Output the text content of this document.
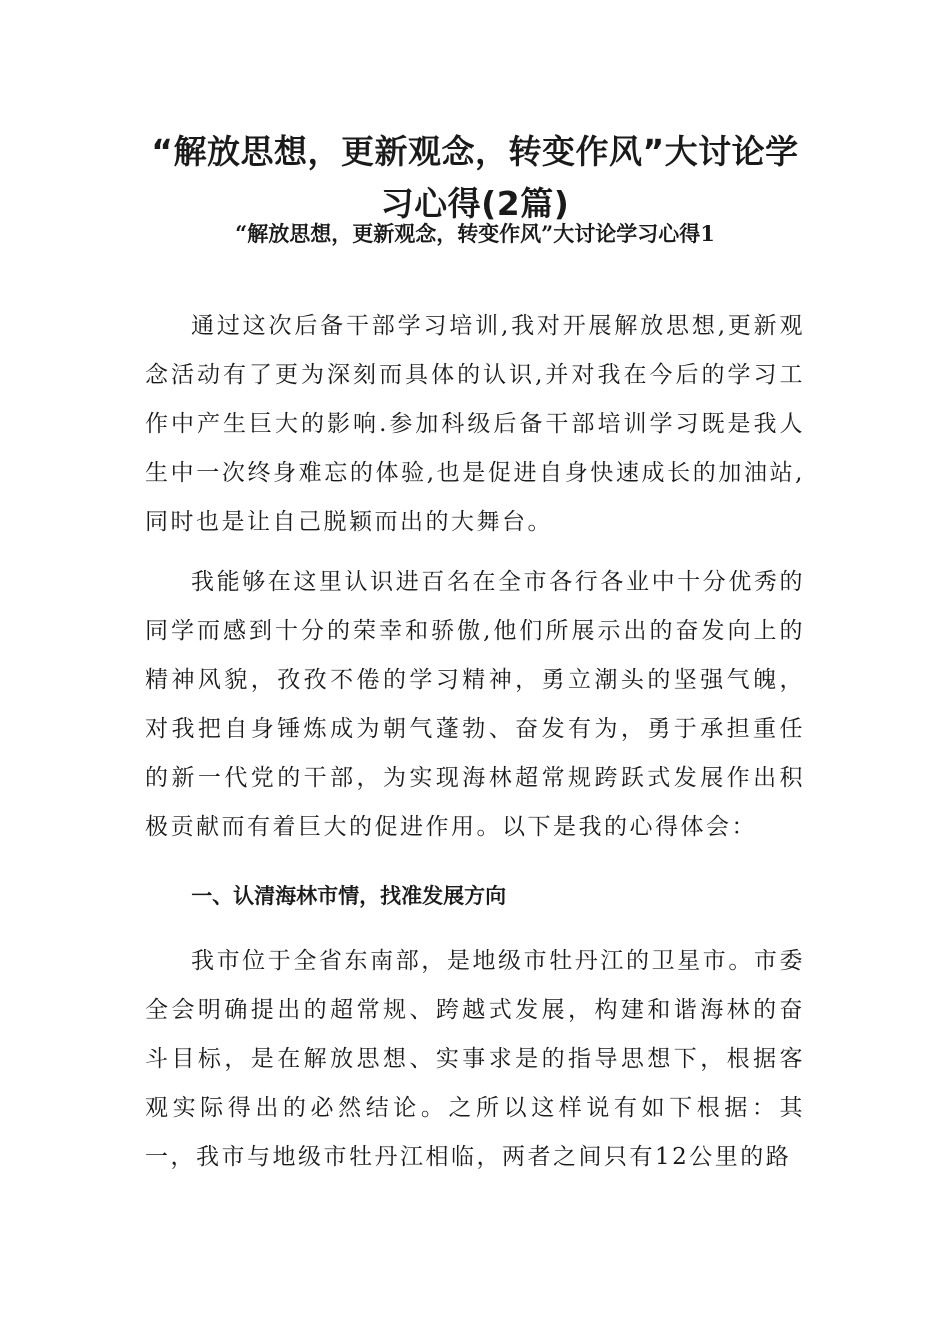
“解放思想，更新观念，转变作风”大讨论学习心得(2篇)
“解放思想，更新观念，转变作风”大讨论学习心得1

通过这次后备干部学习培训,我对开展解放思想,更新观念活动有了更为深刻而具体的认识,并对我在今后的学习工作中产生巨大的影响.参加科级后备干部培训学习既是我人生中一次终身难忘的体验,也是促进自身快速成长的加油站,同时也是让自己脱颖而出的大舞台。

我能够在这里认识进百名在全市各行各业中十分优秀的同学而感到十分的荣幸和骄傲,他们所展示出的奋发向上的精神风貌，孜孜不倦的学习精神，勇立潮头的坚强气魄，对我把自身锤炼成为朝气蓬勃、奋发有为，勇于承担重任的新一代党的干部，为实现海林超常规跨跃式发展作出积极贡献而有着巨大的促进作用。以下是我的心得体会：

一、认清海林市情，找准发展方向

我市位于全省东南部，是地级市牡丹江的卫星市。市委全会明确提出的超常规、跨越式发展，构建和谐海林的奋斗目标，是在解放思想、实事求是的指导思想下，根据客观实际得出的必然结论。之所以这样说有如下根据：其一，我市与地级市牡丹江相临，两者之间只有12公里的路
